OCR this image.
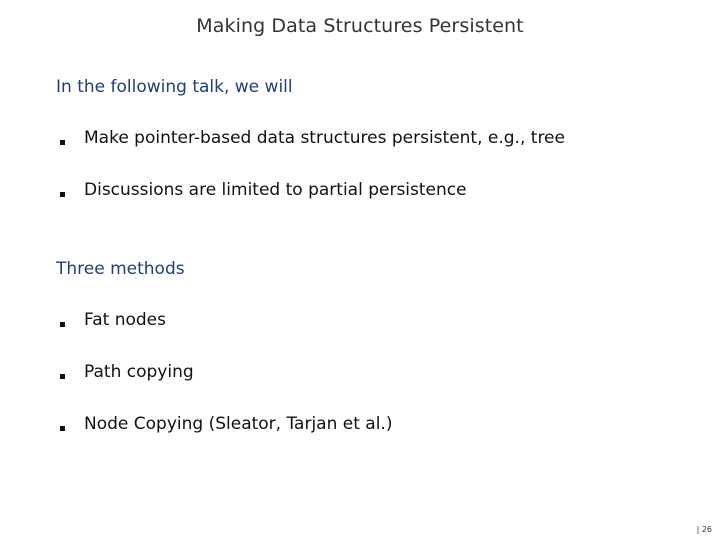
Making Data Structures Persistent
In the following talk, we will
Make pointer-based data structures persistent, e.g., tree
Discussions are limited to partial persistence
Three methods
Fat nodes
Path copying
Node Copying (Sleator, Tarjan et al.)
| 26
